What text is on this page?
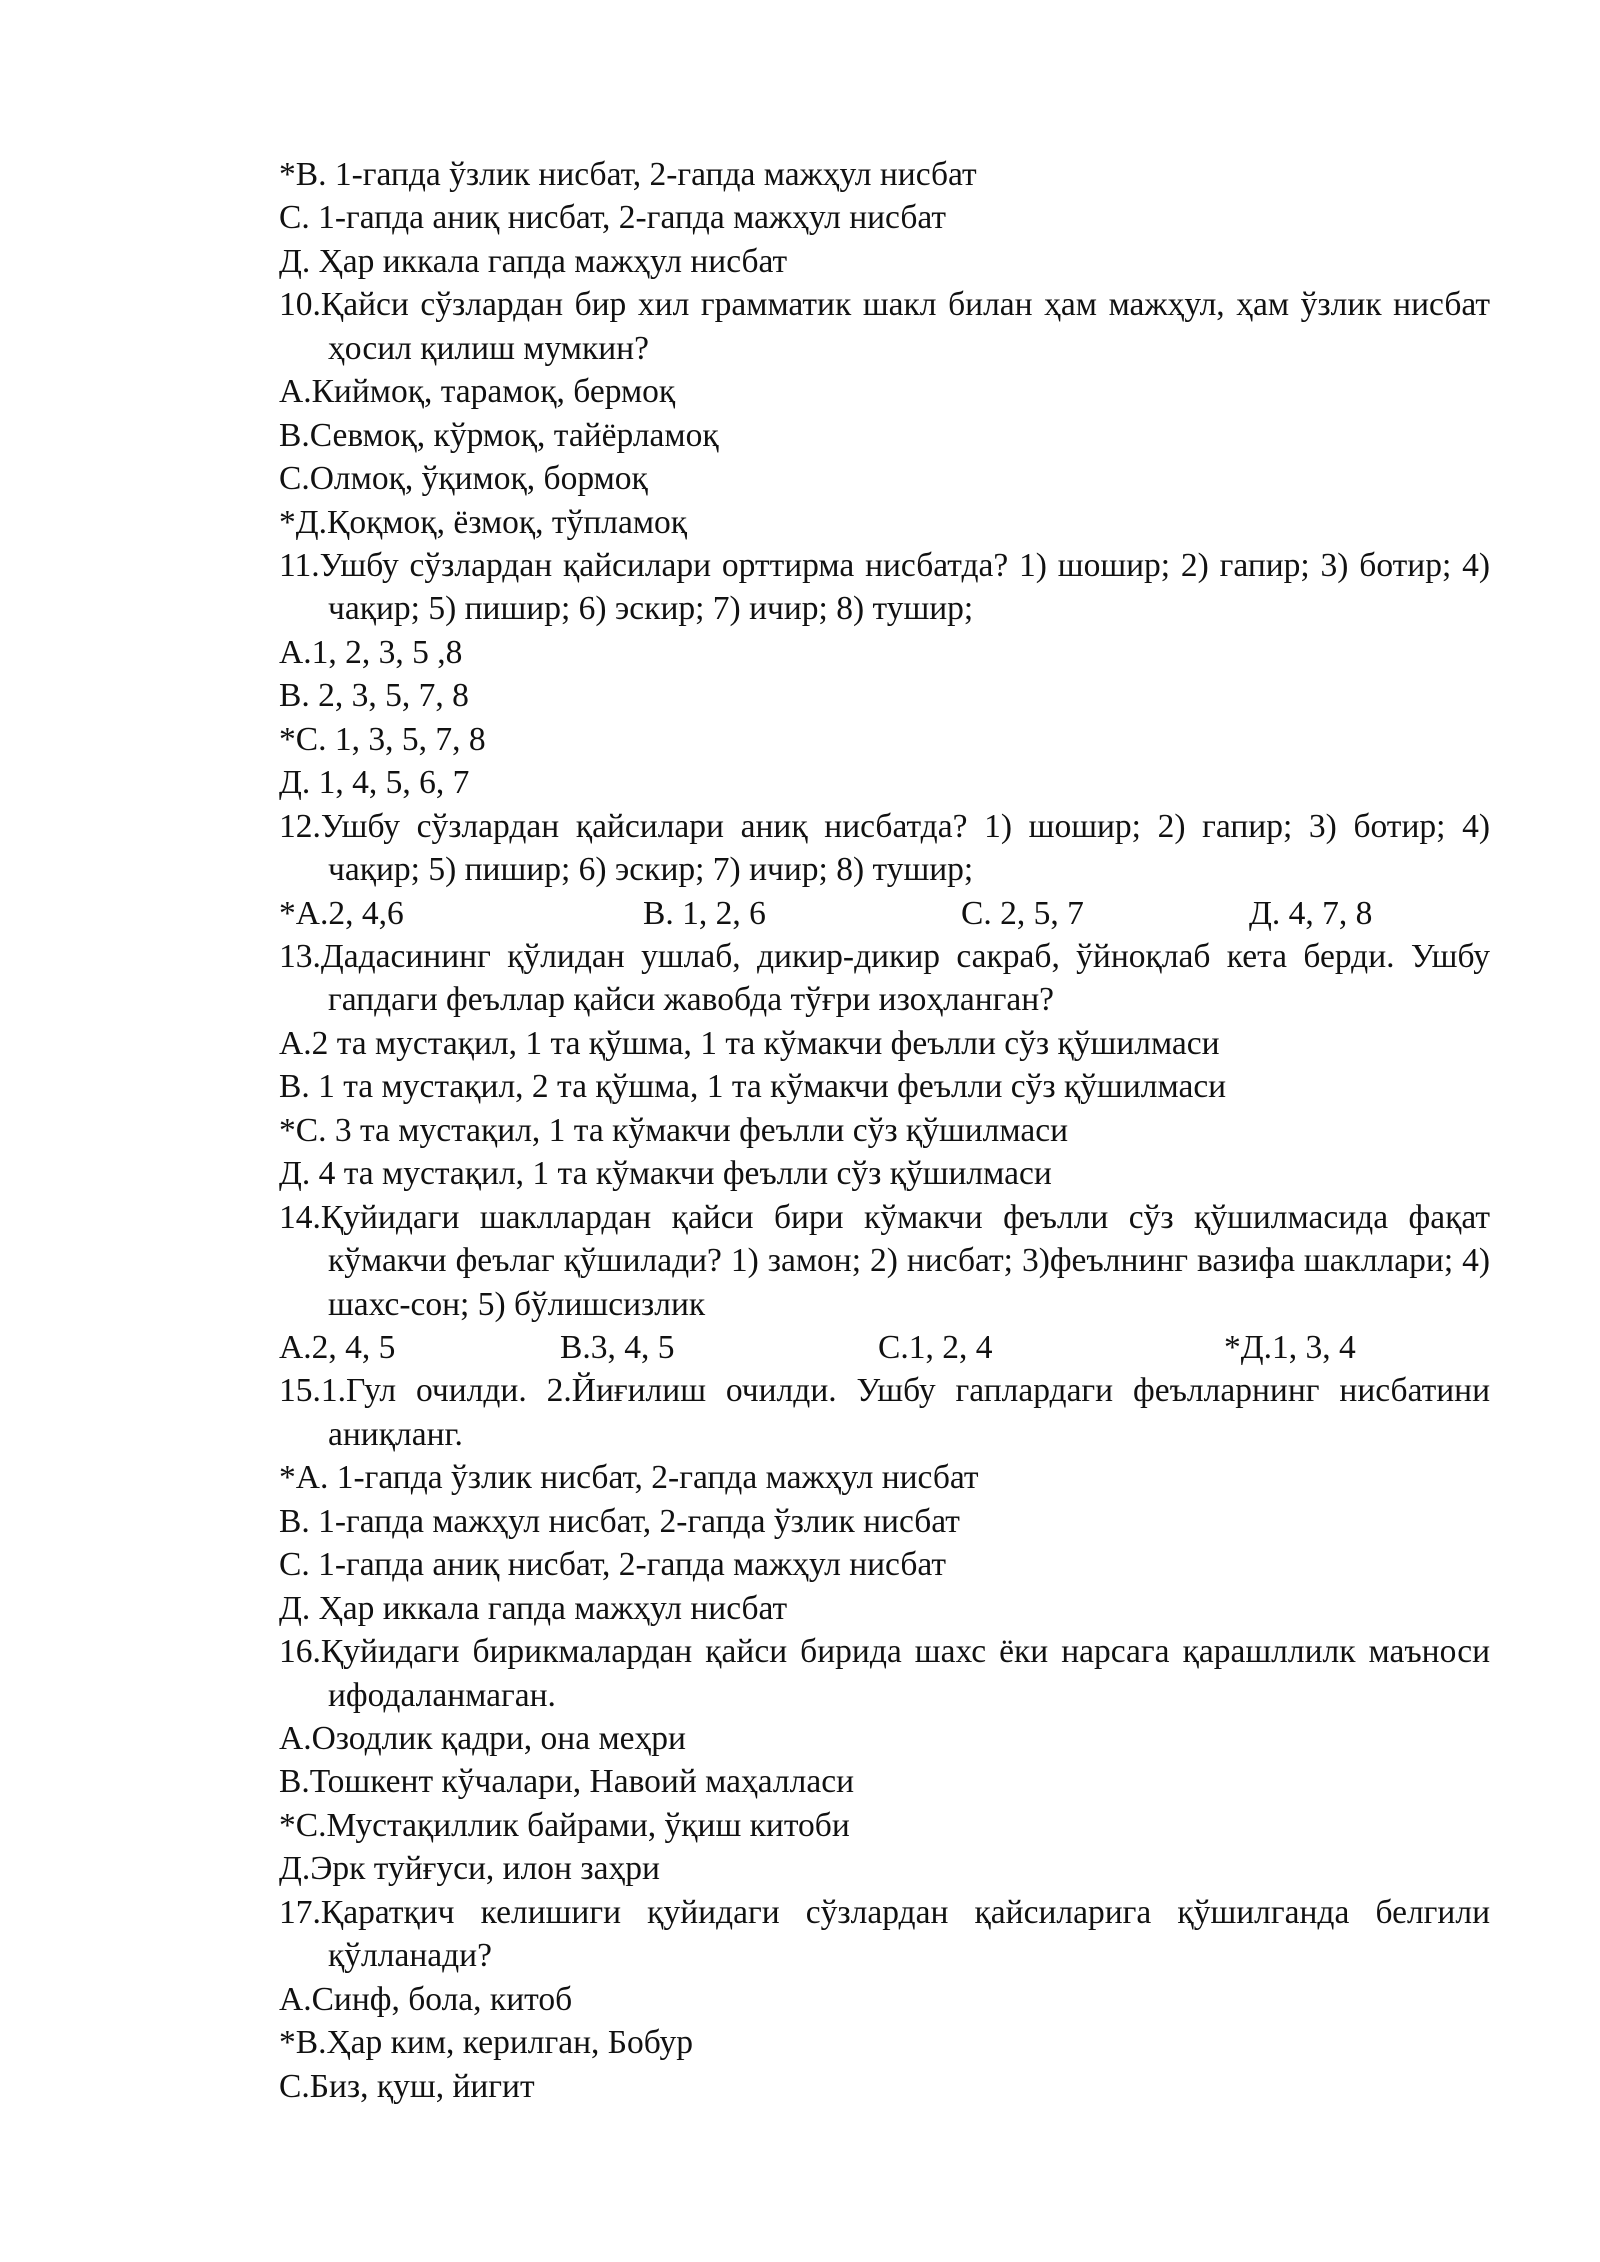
*В. 1-гапда ўзлик нисбат, 2-гапда мажҳул нисбат
С. 1-гапда аниқ нисбат, 2-гапда мажҳул нисбат
Д. Ҳар иккала гапда мажҳул нисбат
10.Қайси сўзлардан бир хил грамматик шакл билан ҳам мажҳул, ҳам ўзлик нисбат ҳосил қилиш мумкин?
А.Киймоқ, тарамоқ, бермоқ
В.Севмоқ, кўрмоқ, тайёрламоқ
С.Олмоқ, ўқимоқ, бормоқ
*Д.Қоқмоқ, ёзмоқ, тўпламоқ
11.Ушбу сўзлардан қайсилари орттирма нисбатда? 1) шошир; 2) гапир; 3) ботир; 4) чақир; 5) пишир; 6) эскир; 7) ичир; 8) тушир;
А.1, 2, 3, 5 ,8
В. 2, 3, 5, 7, 8
*С. 1, 3, 5, 7, 8
Д. 1, 4, 5, 6, 7
12.Ушбу сўзлардан қайсилари аниқ нисбатда? 1) шошир; 2) гапир; 3) ботир; 4) чақир; 5) пишир; 6) эскир; 7) ичир; 8) тушир;
*А.2, 4,6	В. 1, 2, 6	С. 2, 5, 7	Д. 4, 7, 8
13.Дадасининг қўлидан ушлаб, дикир-дикир сакраб, ўйноқлаб кета берди. Ушбу гапдаги феъллар қайси жавобда тўғри изоҳланган?
А.2 та мустақил, 1 та қўшма, 1 та кўмакчи феълли сўз қўшилмаси
В. 1 та мустақил, 2 та қўшма, 1 та кўмакчи феълли сўз қўшилмаси
*С. 3 та мустақил, 1 та кўмакчи феълли сўз қўшилмаси
Д. 4 та мустақил, 1 та кўмакчи феълли сўз қўшилмаси
14.Қуйидаги шакллардан қайси бири кўмакчи феълли сўз қўшилмасида фақат кўмакчи феълаг қўшилади? 1) замон; 2) нисбат; 3)феълнинг вазифа шакллари; 4) шахс-сон; 5) бўлишсизлик
А.2, 4, 5	В.3, 4, 5	С.1, 2, 4	*Д.1, 3, 4
15.1.Гул очилди. 2.Йиғилиш очилди. Ушбу гаплардаги феълларнинг нисбатини аниқланг.
*А. 1-гапда ўзлик нисбат, 2-гапда мажҳул нисбат
В. 1-гапда мажҳул нисбат, 2-гапда ўзлик нисбат
С. 1-гапда аниқ нисбат, 2-гапда мажҳул нисбат
Д. Ҳар иккала гапда мажҳул нисбат
16.Қуйидаги бирикмалардан қайси бирида шахс ёки нарсага қарашллилк маъноси ифодаланмаган.
А.Озодлик қадри, она меҳри
В.Тошкент кўчалари, Навоий маҳалласи
*С.Мустақиллик байрами, ўқиш китоби
Д.Эрк туйғуси, илон заҳри
17.Қаратқич келишиги қуйидаги сўзлардан қайсиларига қўшилганда белгили қўлланади?
А.Синф, бола, китоб
*В.Ҳар ким, керилган, Бобур
С.Биз, қуш, йигит
